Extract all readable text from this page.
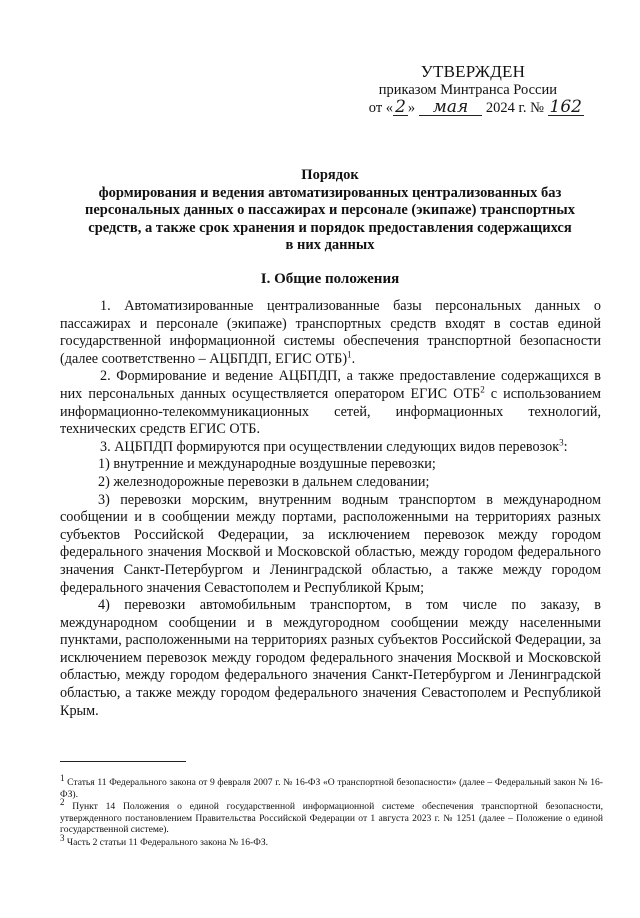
УТВЕРЖДЕН
приказом Минтранса России
от « 2 » мая 2024 г. № 162
Порядок
формирования и ведения автоматизированных централизованных баз
персональных данных о пассажирах и персонале (экипаже) транспортных
средств, а также срок хранения и порядок предоставления содержащихся
в них данных
I. Общие положения

1. Автоматизированные централизованные базы персональных данных о пассажирах и персонале (экипаже) транспортных средств входят в состав единой государственной информационной системы обеспечения транспортной безопасности (далее соответственно – АЦБПДП, ЕГИС ОТБ)$^1$.

2. Формирование и ведение АЦБПДП, а также предоставление содержащихся в них персональных данных осуществляется оператором ЕГИС ОТБ$^2$ с использованием информационно-телекоммуникационных сетей, информационных технологий, технических средств ЕГИС ОТБ.

3. АЦБПДП формируются при осуществлении следующих видов перевозок$^3$:

1) внутренние и международные воздушные перевозки;

2) железнодорожные перевозки в дальнем следовании;

3) перевозки морским, внутренним водным транспортом в международном сообщении и в сообщении между портами, расположенными на территориях разных субъектов Российской Федерации, за исключением перевозок между городом федерального значения Москвой и Московской областью, между городом федерального значения Санкт-Петербургом и Ленинградской областью, а также между городом федерального значения Севастополем и Республикой Крым;

4) перевозки автомобильным транспортом, в том числе по заказу, в международном сообщении и в междугородном сообщении между населенными пунктами, расположенными на территориях разных субъектов Российской Федерации, за исключением перевозок между городом федерального значения Москвой и Московской областью, между городом федерального значения Санкт-Петербургом и Ленинградской областью, а также между городом федерального значения Севастополем и Республикой Крым.

$^1$ Статья 11 Федерального закона от 9 февраля 2007 г. № 16-ФЗ «О транспортной безопасности» (далее – Федеральный закон № 16-ФЗ).

$^2$ Пункт 14 Положения о единой государственной информационной системе обеспечения транспортной безопасности, утвержденного постановлением Правительства Российской Федерации от 1 августа 2023 г. № 1251 (далее – Положение о единой государственной системе).

$^3$ Часть 2 статьи 11 Федерального закона № 16-ФЗ.
